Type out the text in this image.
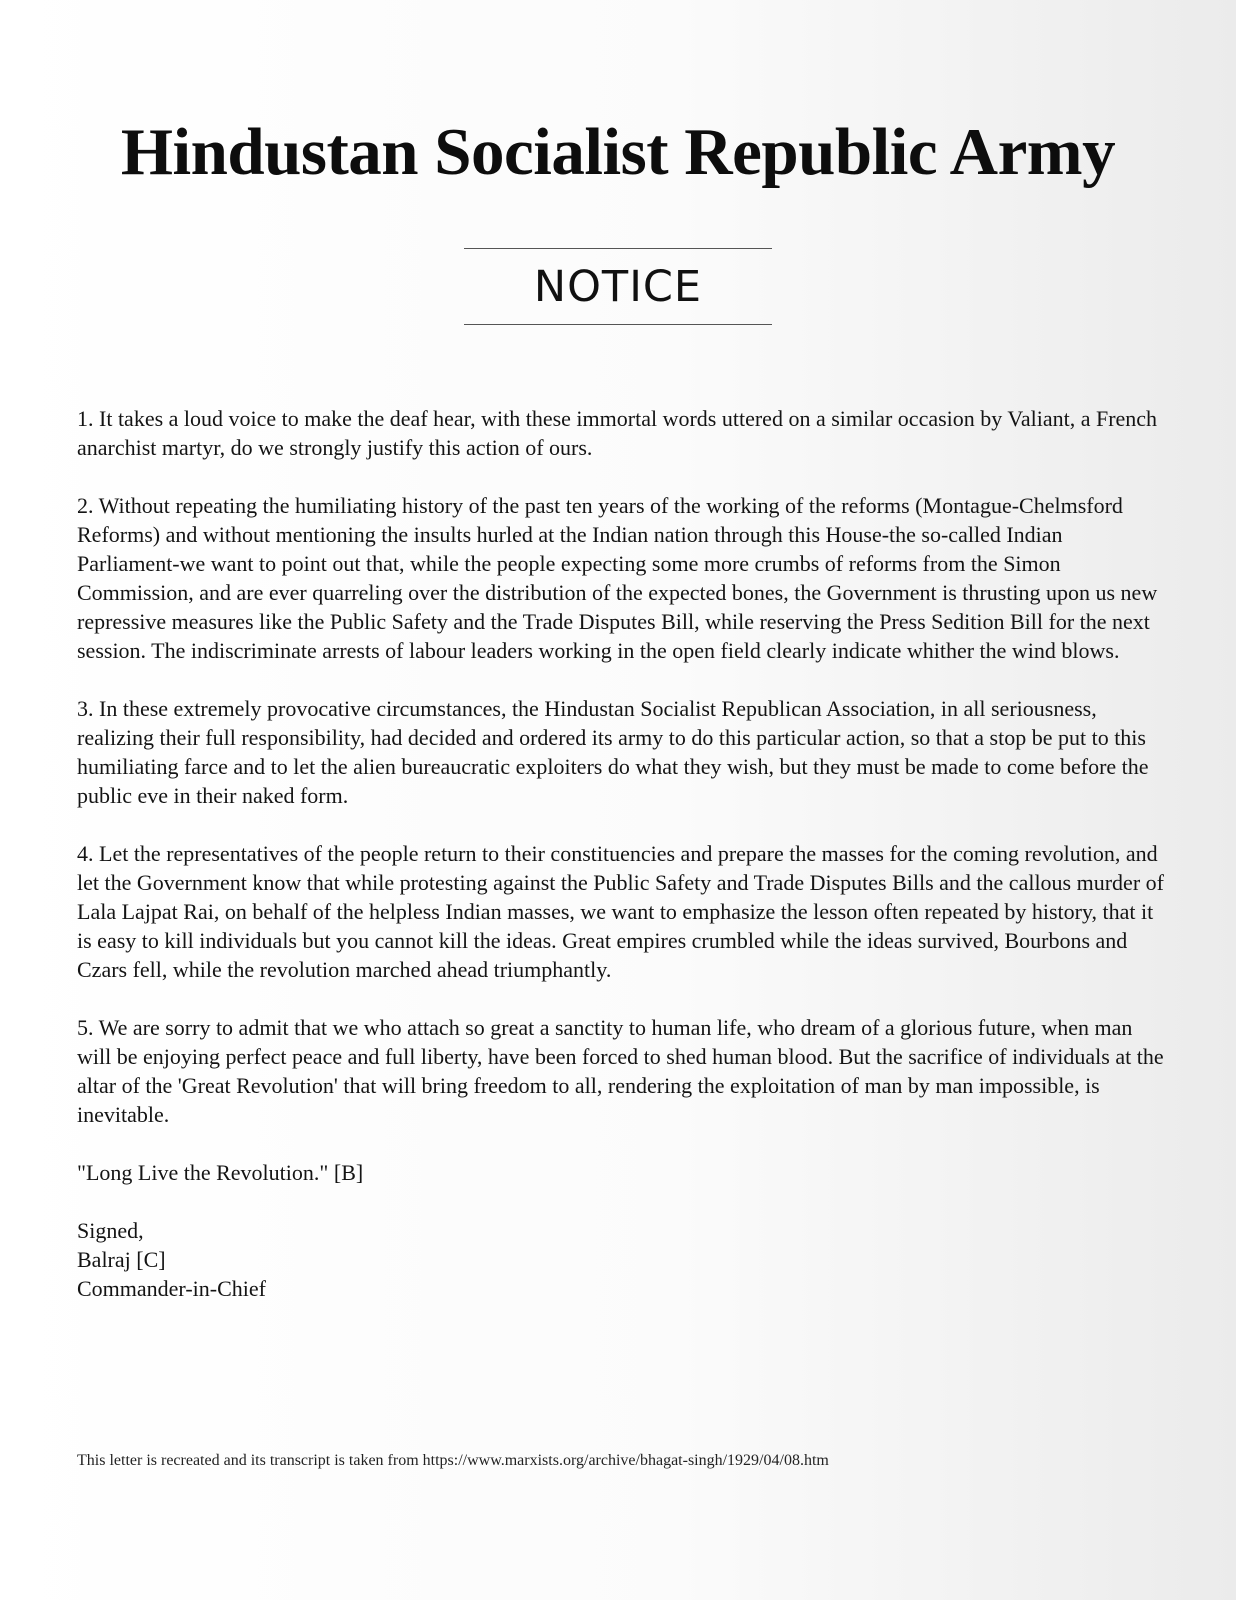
Hindustan Socialist Republic Army
NOTICE

1. It takes a loud voice to make the deaf hear, with these immortal words uttered on a similar occasion by Valiant, a French anarchist martyr, do we strongly justify this action of ours.

2. Without repeating the humiliating history of the past ten years of the working of the reforms (Montague-Chelmsford Reforms) and without mentioning the insults hurled at the Indian nation through this House-the so-called Indian Parliament-we want to point out that, while the people expecting some more crumbs of reforms from the Simon Commission, and are ever quarreling over the distribution of the expected bones, the Government is thrusting upon us new repressive measures like the Public Safety and the Trade Disputes Bill, while reserving the Press Sedition Bill for the next session. The indiscriminate arrests of labour leaders working in the open field clearly indicate whither the wind blows.

3. In these extremely provocative circumstances, the Hindustan Socialist Republican Association, in all seriousness, realizing their full responsibility, had decided and ordered its army to do this particular action, so that a stop be put to this humiliating farce and to let the alien bureaucratic exploiters do what they wish, but they must be made to come before the public eve in their naked form.

4. Let the representatives of the people return to their constituencies and prepare the masses for the coming revolution, and let the Government know that while protesting against the Public Safety and Trade Disputes Bills and the callous murder of Lala Lajpat Rai, on behalf of the helpless Indian masses, we want to emphasize the lesson often repeated by history, that it is easy to kill individuals but you cannot kill the ideas. Great empires crumbled while the ideas survived, Bourbons and Czars fell, while the revolution marched ahead triumphantly.

5. We are sorry to admit that we who attach so great a sanctity to human life, who dream of a glorious future, when man will be enjoying perfect peace and full liberty, have been forced to shed human blood. But the sacrifice of individuals at the altar of the 'Great Revolution' that will bring freedom to all, rendering the exploitation of man by man impossible, is inevitable.

"Long Live the Revolution." [B]

Signed,
Balraj [C]
Commander-in-Chief
This letter is recreated and its transcript is taken from https://www.marxists.org/archive/bhagat-singh/1929/04/08.htm
